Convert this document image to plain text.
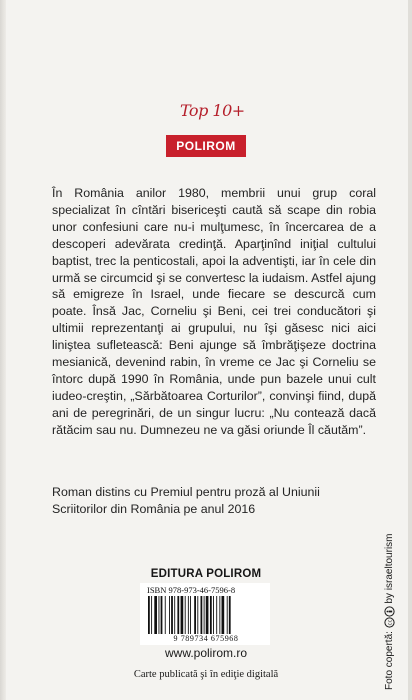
Top 10+
POLIROM

În România anilor 1980, membrii unui grup coral specializat în cîntări bisericeşti caută să scape din robia unor confesiuni care nu-i mulţumesc, în încercarea de a descoperi adevărata credinţă. Aparţinînd iniţial cultului baptist, trec la penticostali, apoi la adventişti, iar în cele din urmă se circumcid şi se convertesc la iudaism. Astfel ajung să emigreze în Israel, unde fiecare se descurcă cum poate. Însă Jac, Corneliu şi Beni, cei trei conducători şi ultimii reprezentanţi ai grupului, nu îşi găsesc nici aici liniştea sufletească: Beni ajunge să îmbrăţişeze doctrina mesianică, devenind rabin, în vreme ce Jac şi Corneliu se întorc după 1990 în România, unde pun bazele unui cult iudeo-creştin, „Sărbătoarea Corturilor”, convinşi fiind, după ani de peregrinări, de un singur lucru: „Nu contează dacă rătăcim sau nu. Dumnezeu ne va găsi oriunde Îl căutăm”.

Roman distins cu Premiul pentru proză al Uniunii Scriitorilor din România pe anul 2016

EDITURA POLIROM
ISBN 978-973-46-7596-8
9 789734 675968
www.polirom.ro
Carte publicată şi în ediţie digitală	Foto copertă:
cc
by israeltourism
